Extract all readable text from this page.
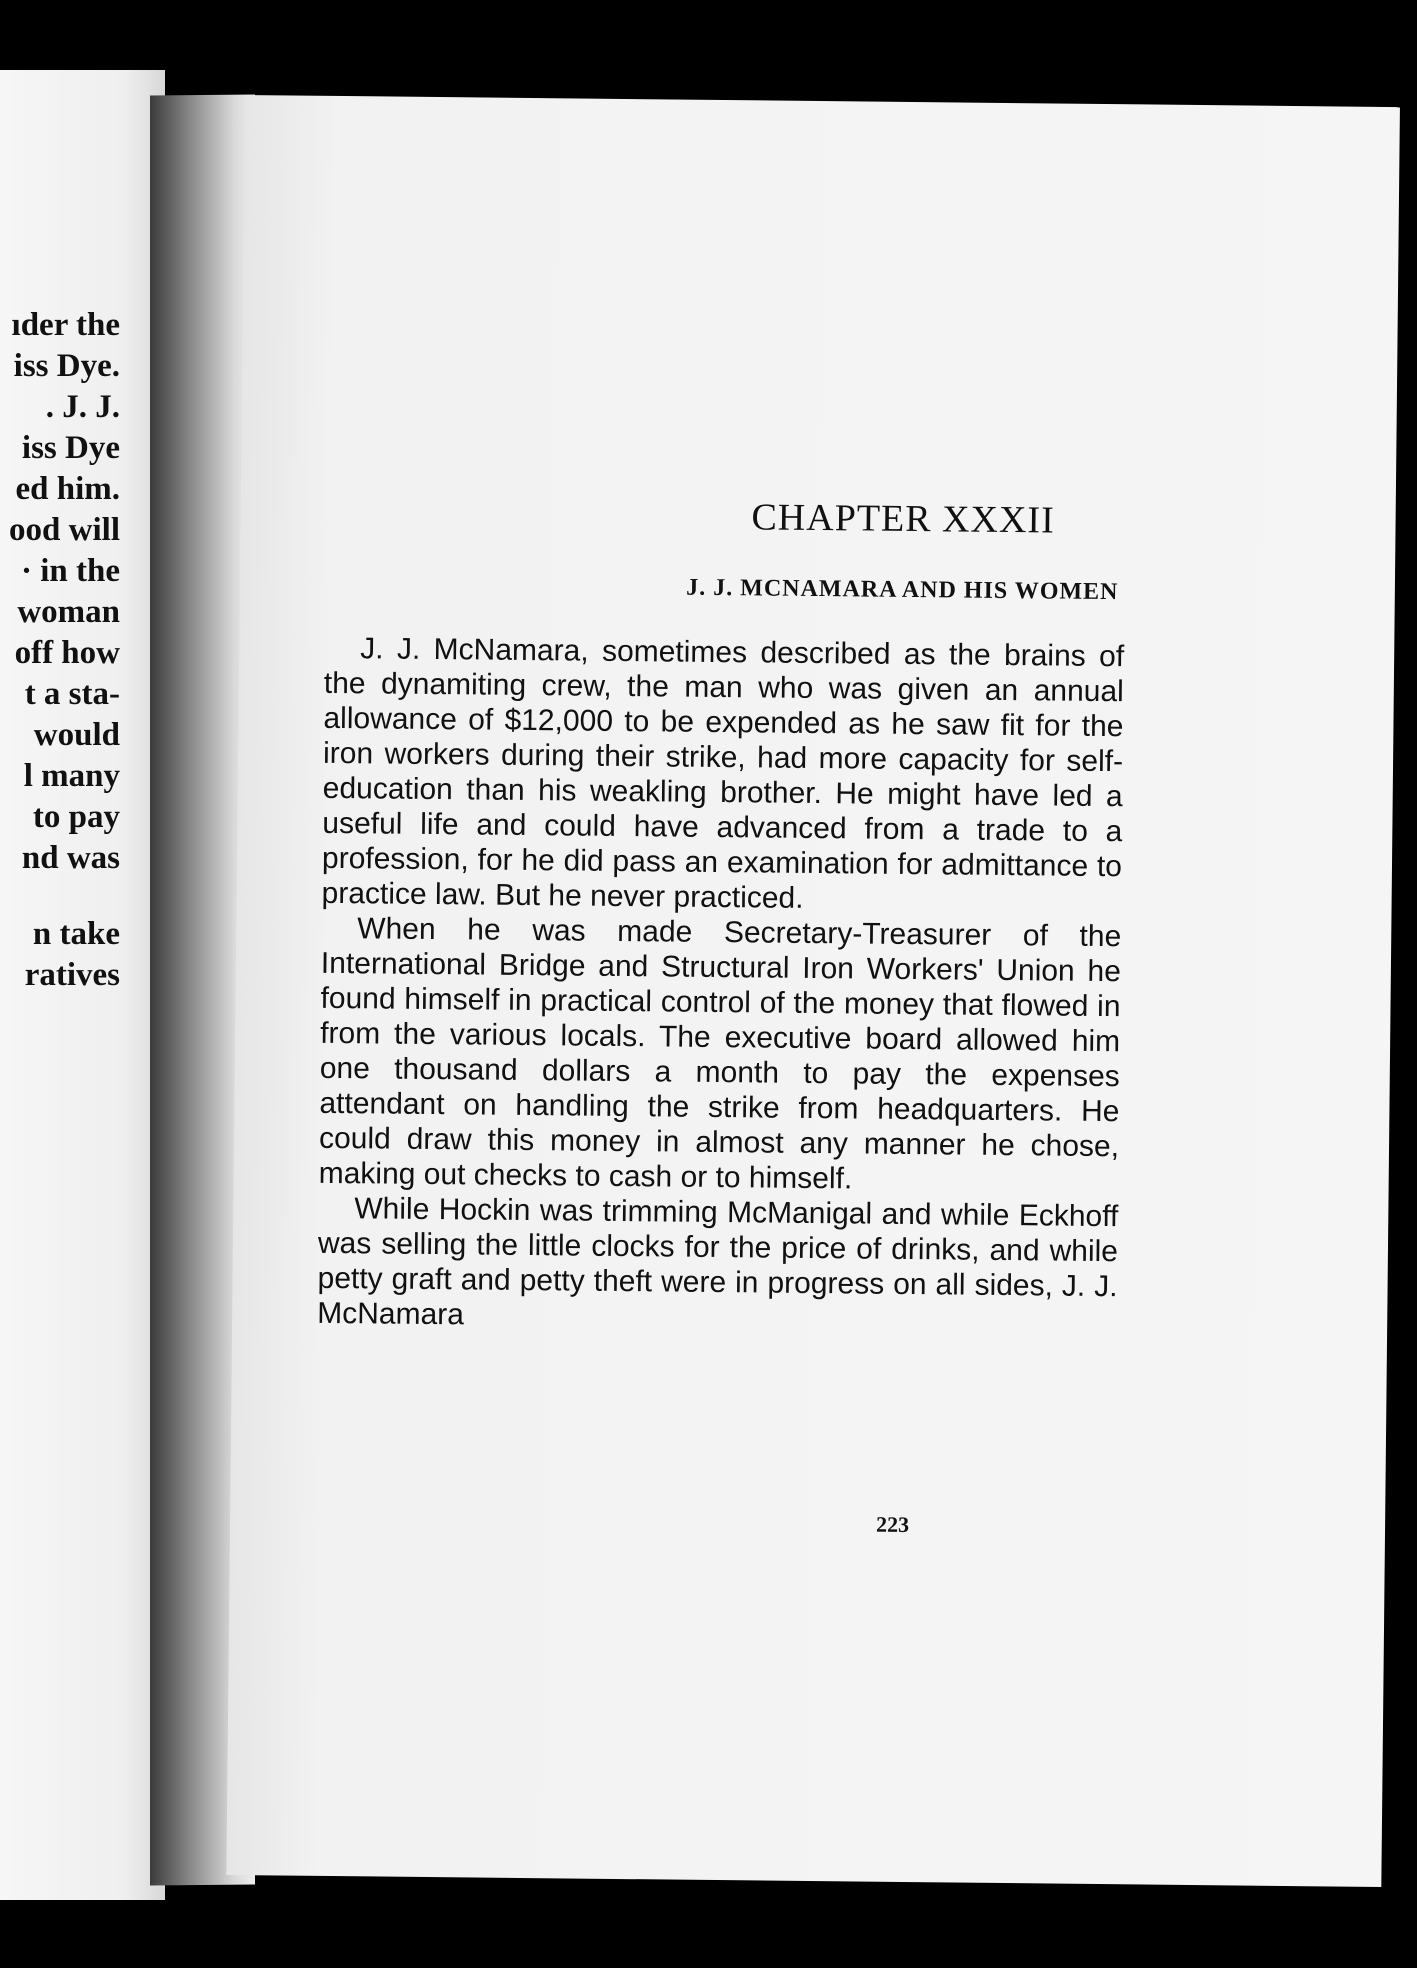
ıder the
iss Dye.
. J. J.
iss Dye
ed him.
ood will
· in the
woman
off how
t a sta-
would
l many
to pay
nd was
n take
ratives
CHAPTER XXXII
J. J. MCNAMARA AND HIS WOMEN

J. J. McNamara, sometimes described as the brains of the dynamiting crew, the man who was given an annual allowance of $12,000 to be expended as he saw fit for the iron workers during their strike, had more capacity for self-education than his weakling brother. He might have led a useful life and could have advanced from a trade to a profession, for he did pass an examination for admittance to practice law. But he never practiced.

When he was made Secretary-Treasurer of the International Bridge and Structural Iron Workers' Union he found himself in practical control of the money that flowed in from the various locals. The executive board allowed him one thousand dollars a month to pay the expenses attendant on handling the strike from headquarters. He could draw this money in almost any manner he chose, making out checks to cash or to himself.

While Hockin was trimming McManigal and while Eckhoff was selling the little clocks for the price of drinks, and while petty graft and petty theft were in progress on all sides, J. J. McNamara

223
